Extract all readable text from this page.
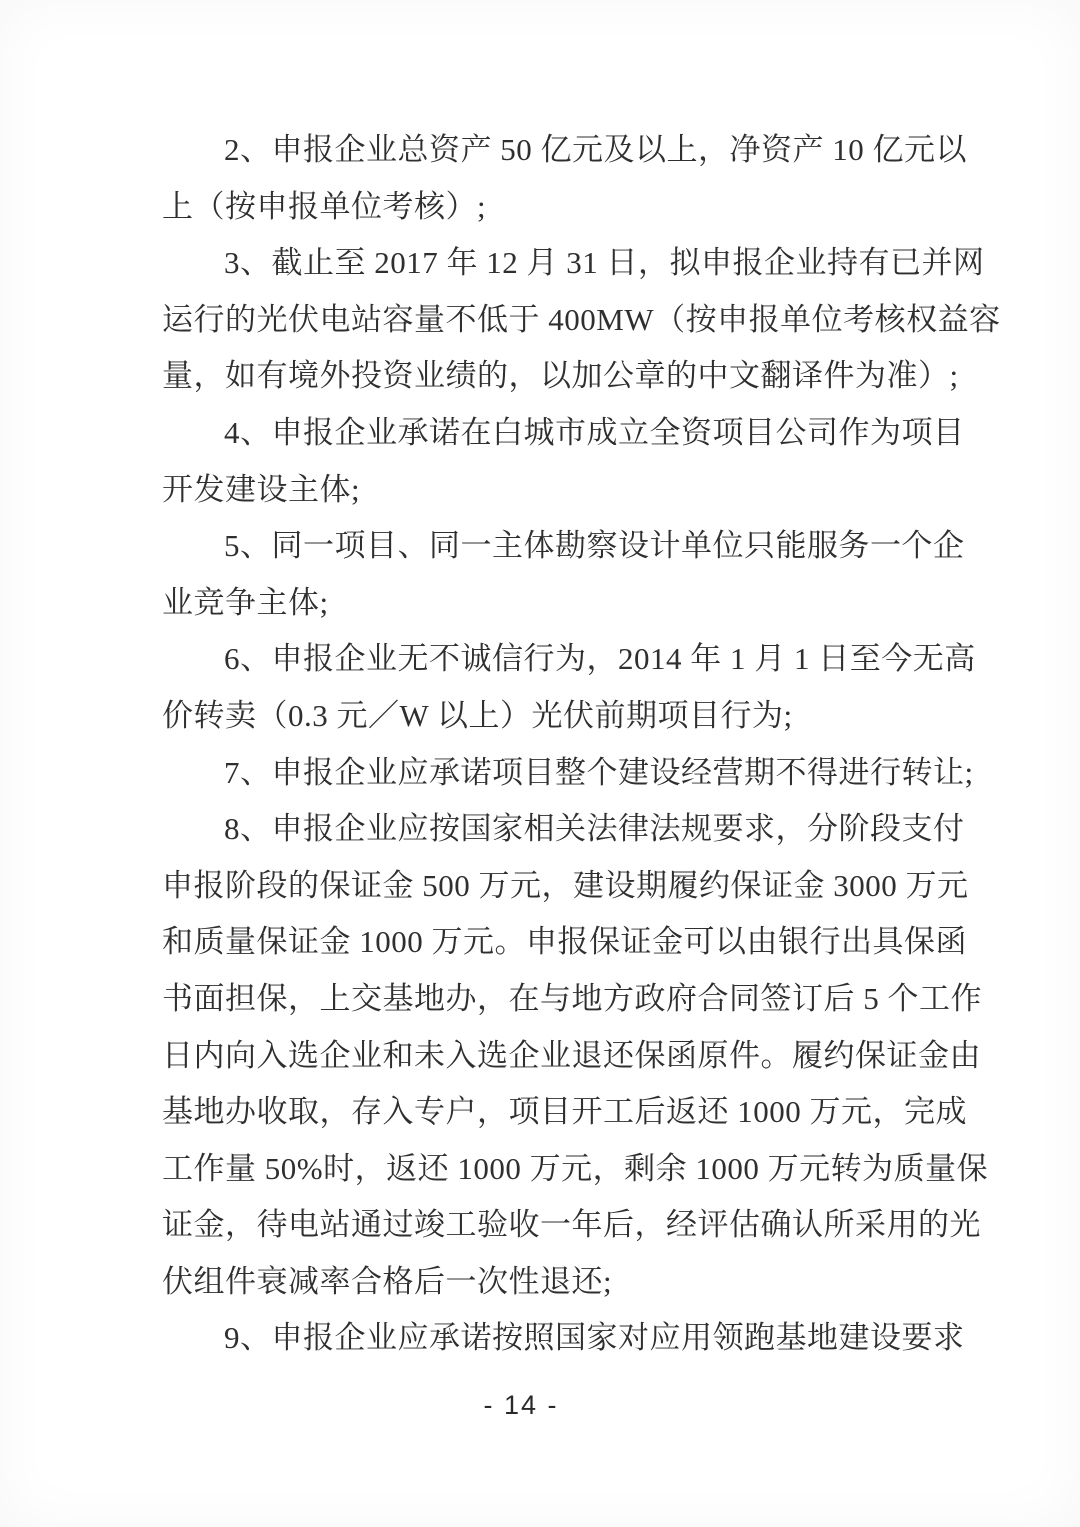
2、申报企业总资产 50 亿元及以上，净资产 10 亿元以
上（按申报单位考核）;
3、截止至 2017 年 12 月 31 日，拟申报企业持有已并网
运行的光伏电站容量不低于 400MW（按申报单位考核权益容
量，如有境外投资业绩的，以加公章的中文翻译件为准）;
4、申报企业承诺在白城市成立全资项目公司作为项目
开发建设主体;
5、同一项目、同一主体勘察设计单位只能服务一个企
业竞争主体;
6、申报企业无不诚信行为，2014 年 1 月 1 日至今无高
价转卖（0.3 元／W 以上）光伏前期项目行为;
7、申报企业应承诺项目整个建设经营期不得进行转让;
8、申报企业应按国家相关法律法规要求，分阶段支付
申报阶段的保证金 500 万元，建设期履约保证金 3000 万元
和质量保证金 1000 万元。申报保证金可以由银行出具保函
书面担保，上交基地办，在与地方政府合同签订后 5 个工作
日内向入选企业和未入选企业退还保函原件。履约保证金由
基地办收取，存入专户，项目开工后返还 1000 万元，完成
工作量 50%时，返还 1000 万元，剩余 1000 万元转为质量保
证金，待电站通过竣工验收一年后，经评估确认所采用的光
伏组件衰减率合格后一次性退还;
9、申报企业应承诺按照国家对应用领跑基地建设要求
- 14 -
